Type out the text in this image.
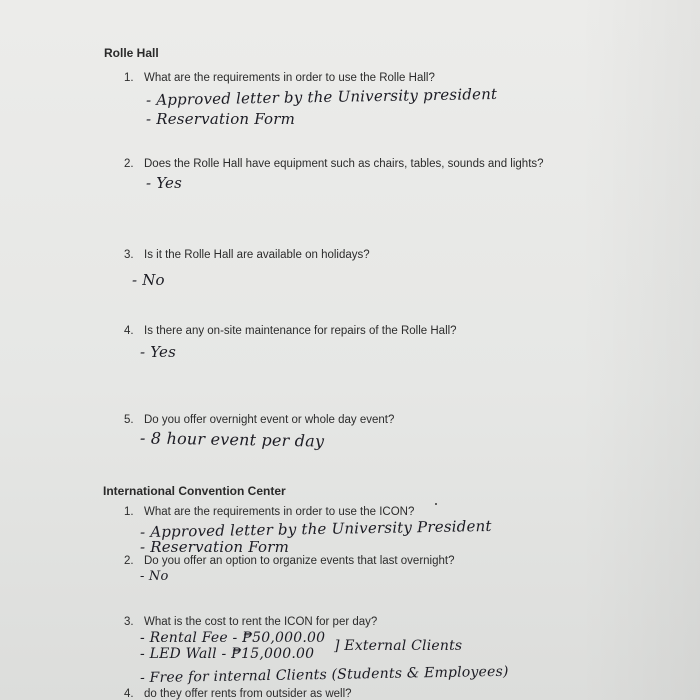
Rolle Hall
1. What are the requirements in order to use the Rolle Hall?
- Approved letter by the University president
- Reservation Form
2. Does the Rolle Hall have equipment such as chairs, tables, sounds and lights?
- Yes
3. Is it the Rolle Hall are available on holidays?
- No
4. Is there any on-site maintenance for repairs of the Rolle Hall?
- Yes
5. Do you offer overnight event or whole day event?
- 8 hour event per day
International Convention Center
1. What are the requirements in order to use the ICON?
- Approved letter by the University President
- Reservation Form
2. Do you offer an option to organize events that last overnight?
- No
3. What is the cost to rent the ICON for per day?
- Rental Fee - ₱50,000.00
- LED Wall - ₱15,000.00 ] External Clients
- Free for internal Clients (Students & Employees)
4. do they offer rents from outsider as well?
